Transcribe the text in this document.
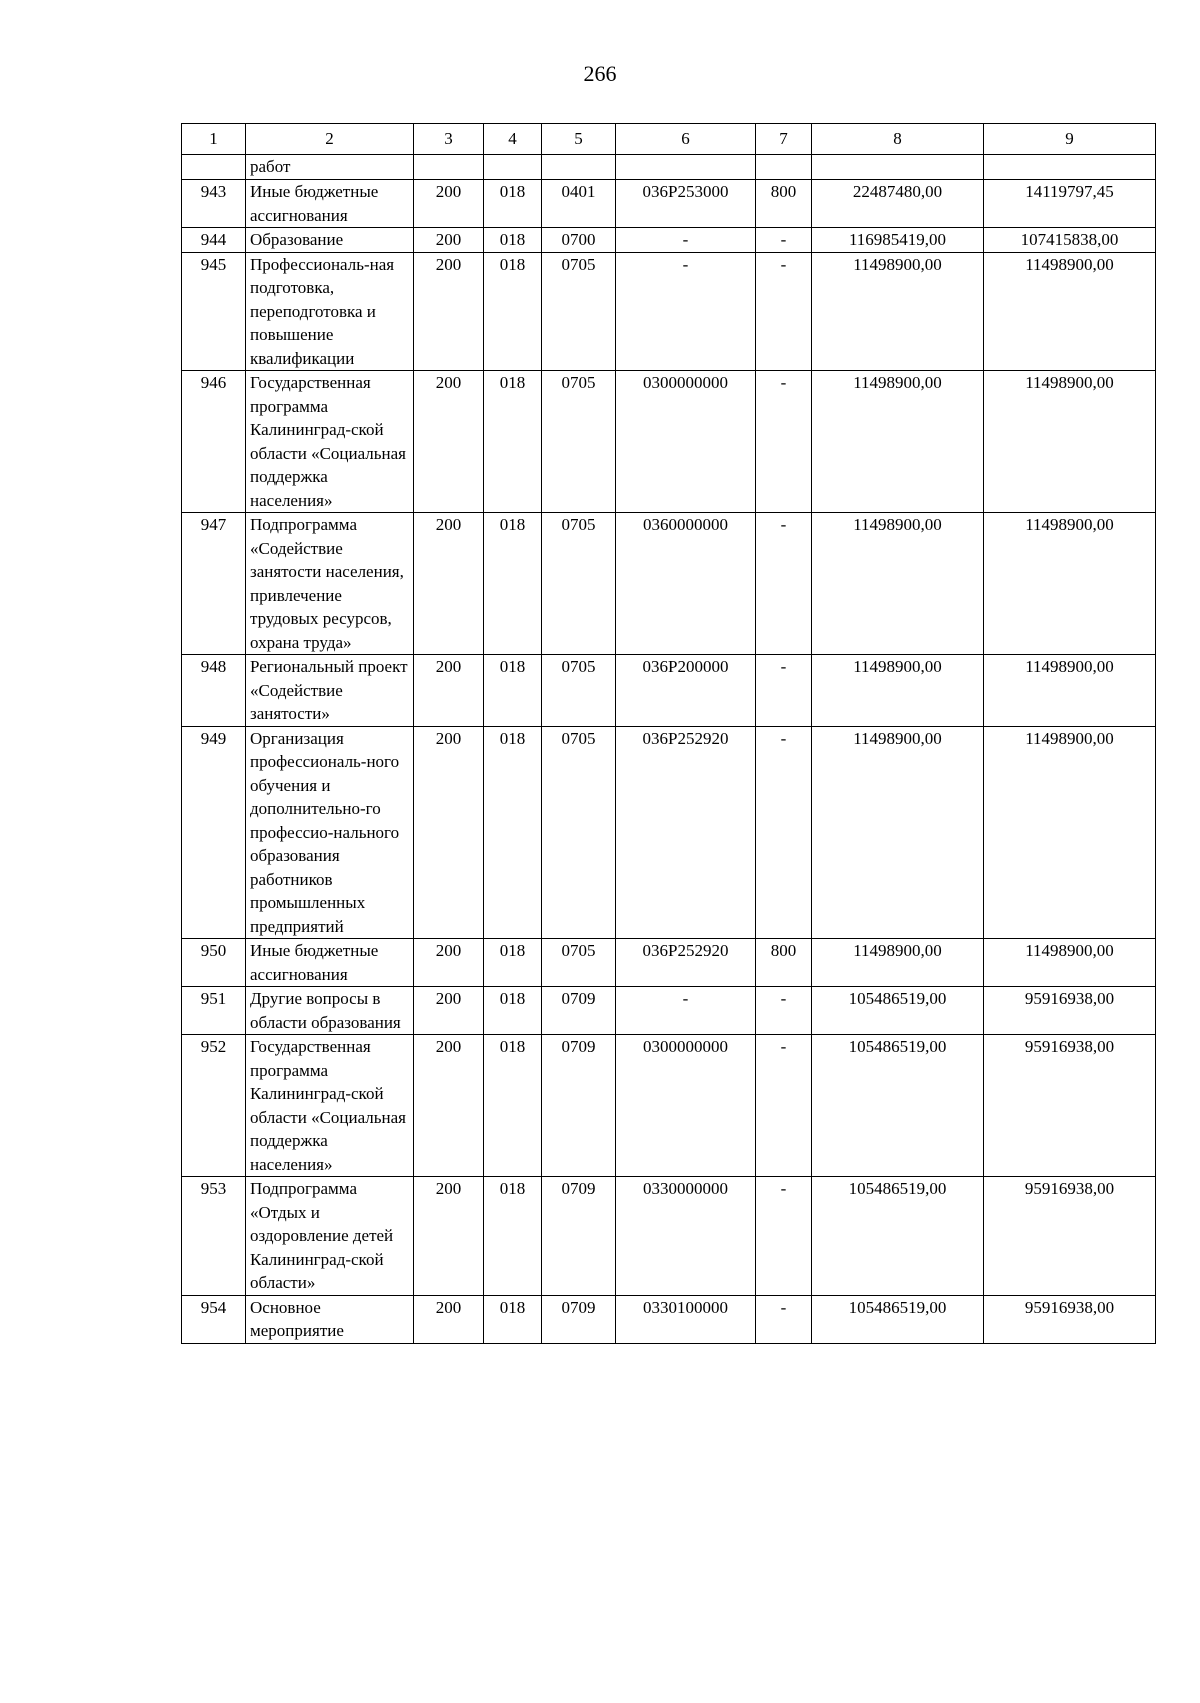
266
1	2	3	4	5	6	7	8	9
	работ							
943	Иные бюджетные ассигнования	200	018	0401	036P253000	800	22487480,00	14119797,45
944	Образование	200	018	0700	-	-	116985419,00	107415838,00
945	Профессиональ-ная подготовка, переподготовка и повышение квалификации	200	018	0705	-	-	11498900,00	11498900,00
946	Государственная программа Калининград-ской области «Социальная поддержка населения»	200	018	0705	0300000000	-	11498900,00	11498900,00
947	Подпрограмма «Содействие занятости населения, привлечение трудовых ресурсов, охрана труда»	200	018	0705	0360000000	-	11498900,00	11498900,00
948	Региональный проект «Содействие занятости»	200	018	0705	036P200000	-	11498900,00	11498900,00
949	Организация профессиональ-ного обучения и дополнительно-го профессио-нального образования работников промышленных предприятий	200	018	0705	036P252920	-	11498900,00	11498900,00
950	Иные бюджетные ассигнования	200	018	0705	036P252920	800	11498900,00	11498900,00
951	Другие вопросы в области образования	200	018	0709	-	-	105486519,00	95916938,00
952	Государственная программа Калининград-ской области «Социальная поддержка населения»	200	018	0709	0300000000	-	105486519,00	95916938,00
953	Подпрограмма «Отдых и оздоровление детей Калининград-ской области»	200	018	0709	0330000000	-	105486519,00	95916938,00
954	Основное мероприятие	200	018	0709	0330100000	-	105486519,00	95916938,00
